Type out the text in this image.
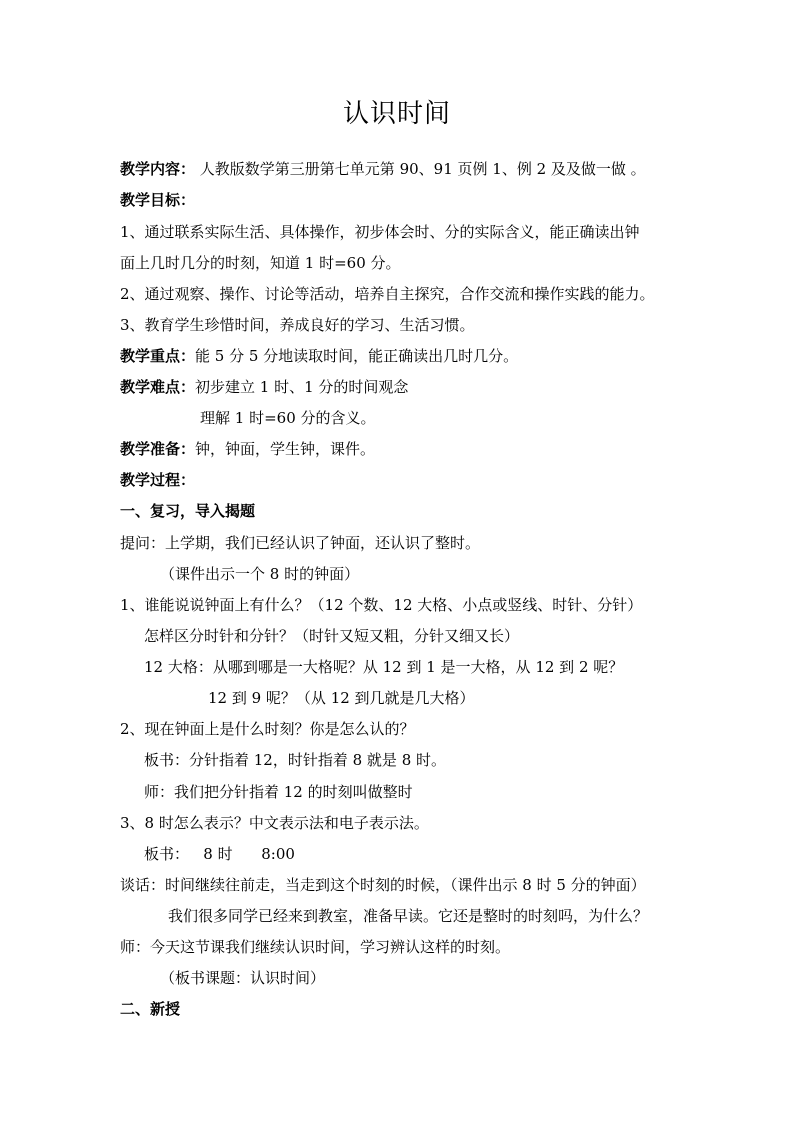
认识时间
教学内容： 人教版数学第三册第七单元第 90、91 页例 1、例 2 及及做一做 。
教学目标：
1、通过联系实际生活、具体操作，初步体会时、分的实际含义，能正确读出钟
面上几时几分的时刻，知道 1 时=60 分。
2、通过观察、操作、讨论等活动，培养自主探究，合作交流和操作实践的能力。
3、教育学生珍惜时间，养成良好的学习、生活习惯。
教学重点：能 5 分 5 分地读取时间，能正确读出几时几分。
教学难点：初步建立 1 时、1 分的时间观念
理解 1 时=60 分的含义。
教学准备：钟，钟面，学生钟，课件。
教学过程：
一、复习，导入揭题
提问：上学期，我们已经认识了钟面，还认识了整时。
（课件出示一个 8 时的钟面）
1、谁能说说钟面上有什么？（12 个数、12 大格、小点或竖线、时针、分针）
怎样区分时针和分针？（时针又短又粗，分针又细又长）
12 大格：从哪到哪是一大格呢？从 12 到 1 是一大格，从 12 到 2 呢？
12 到 9 呢？（从 12 到几就是几大格）
2、现在钟面上是什么时刻？你是怎么认的？
板书：分针指着 12，时针指着 8 就是 8 时。
师：我们把分针指着 12 的时刻叫做整时
3、8 时怎么表示？中文表示法和电子表示法。
板书：   8 时      8:00
谈话：时间继续往前走，当走到这个时刻的时候，（课件出示 8 时 5 分的钟面）
我们很多同学已经来到教室，准备早读。它还是整时的时刻吗，为什么？
师：今天这节课我们继续认识时间，学习辨认这样的时刻。
（板书课题：认识时间）
二、新授
